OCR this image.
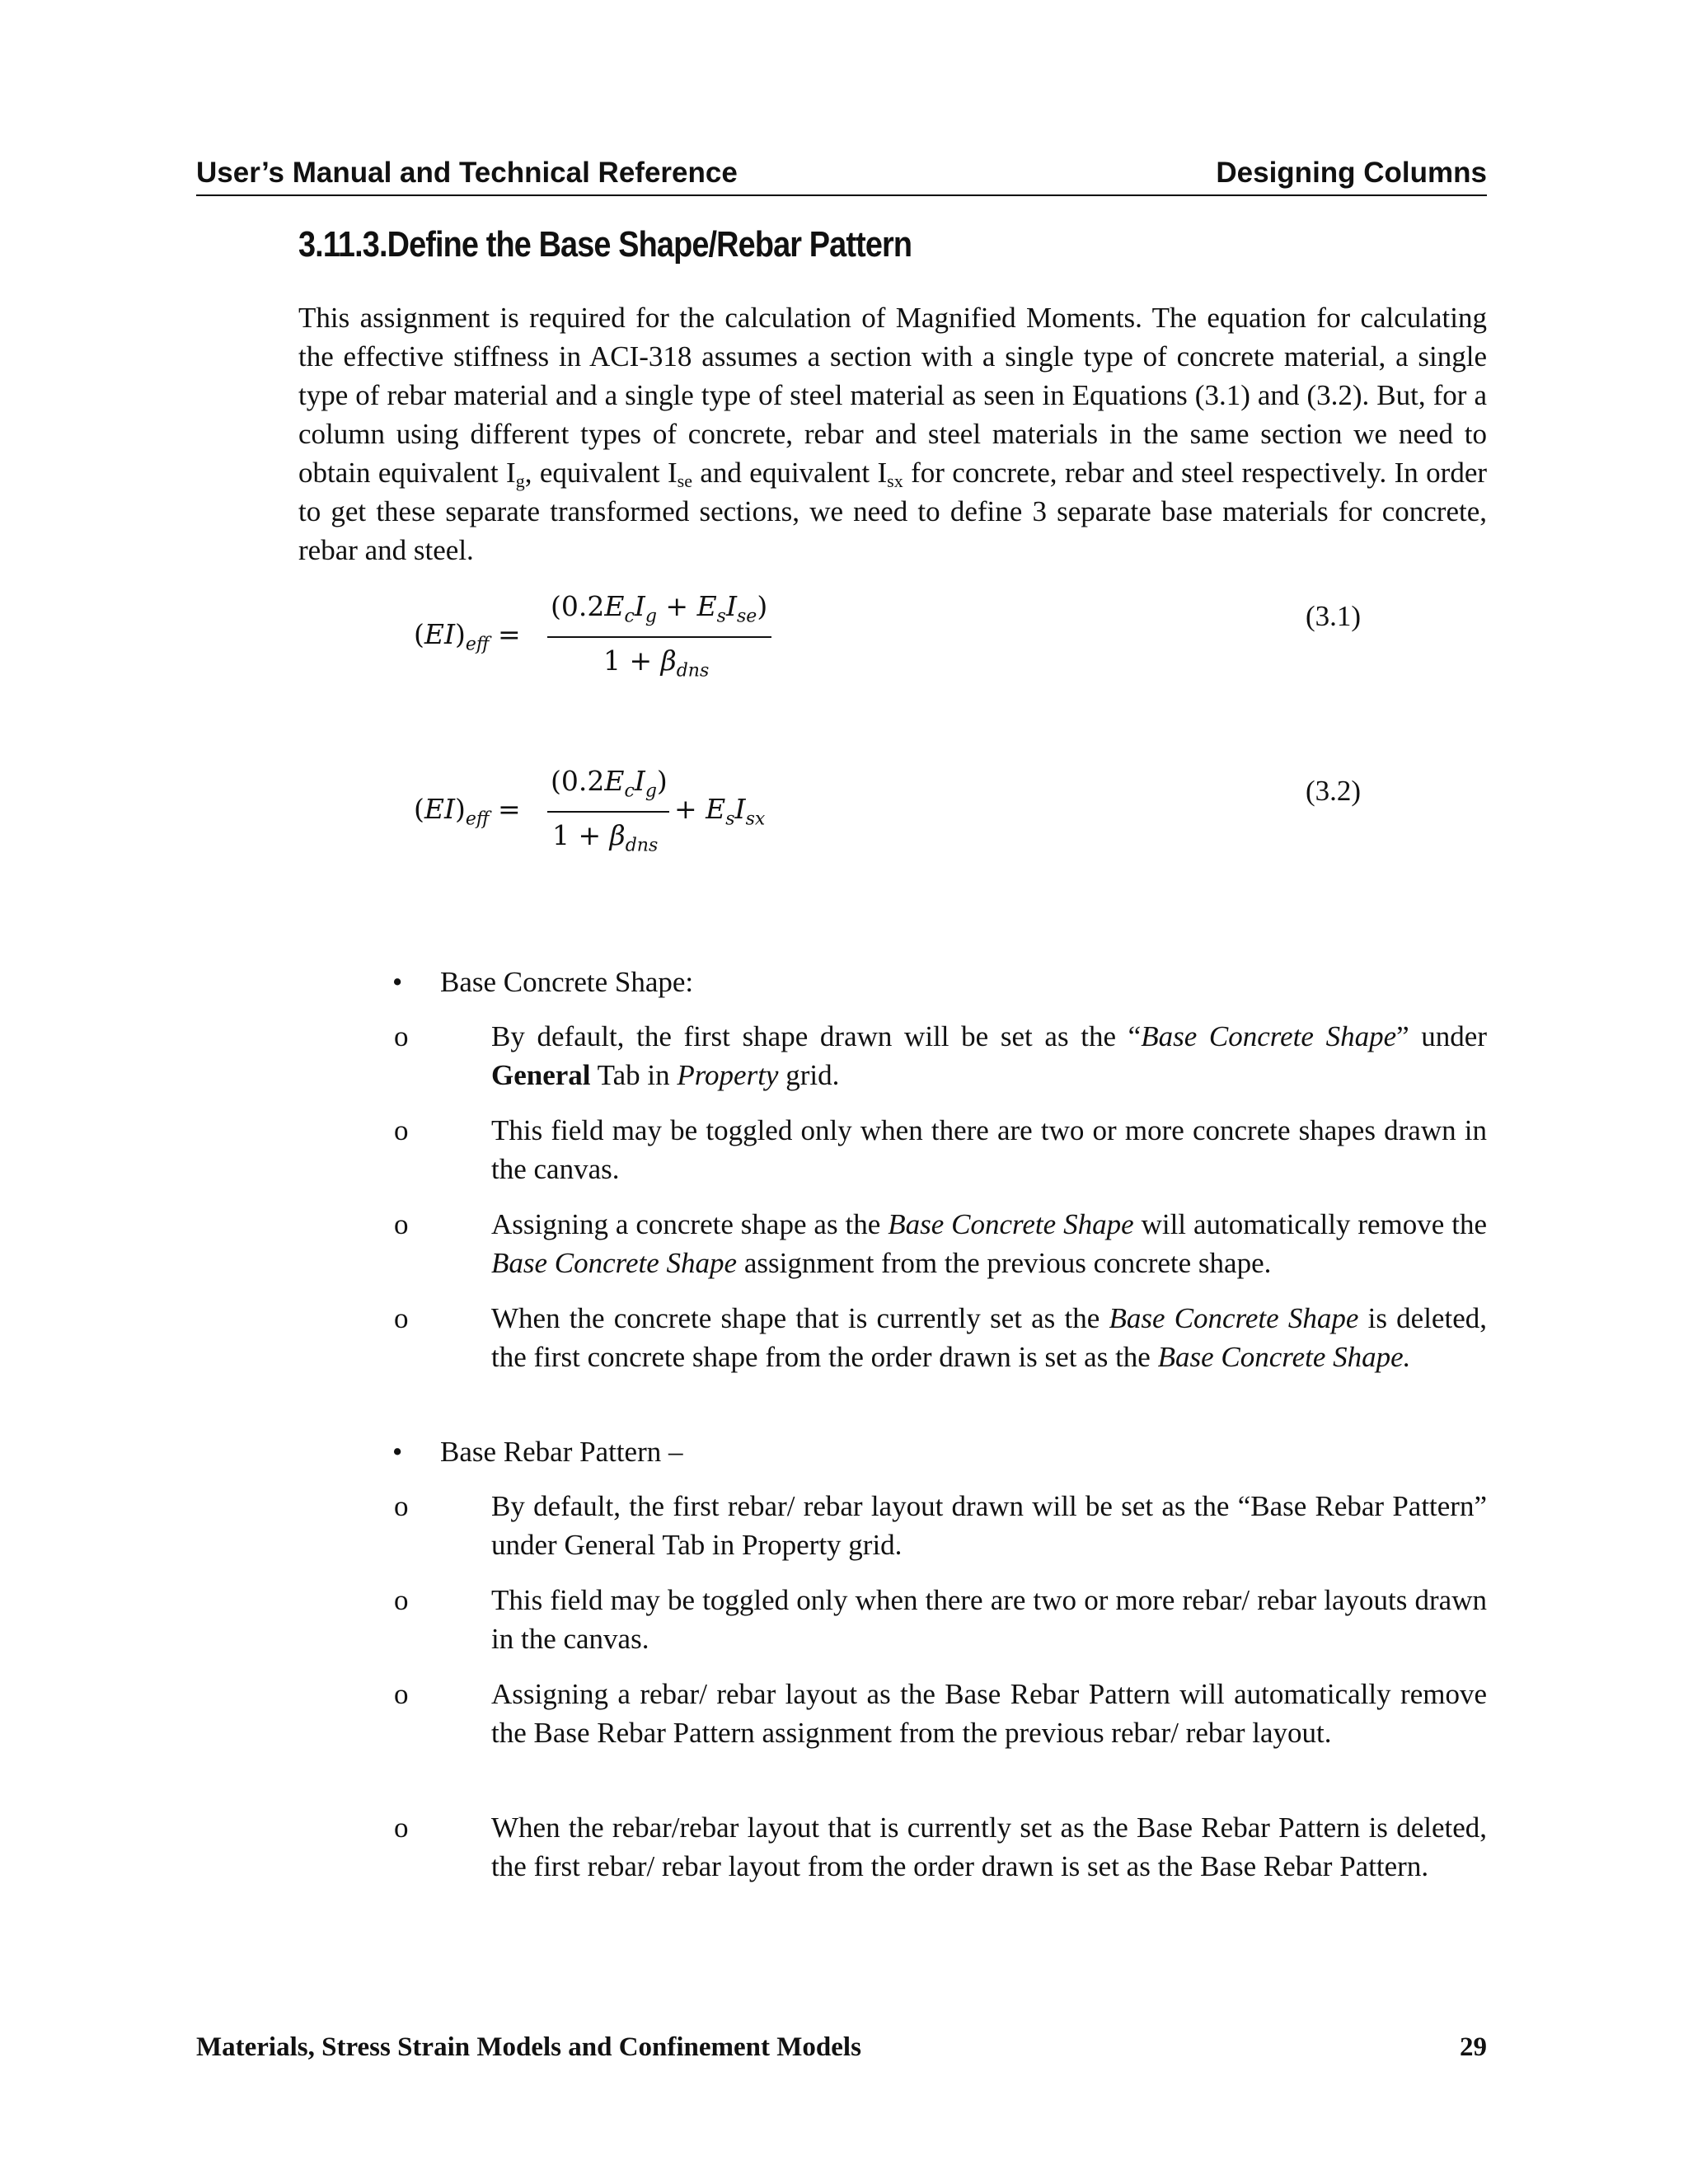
User’s Manual and Technical Reference	Designing Columns
3.11.3.Define the Base Shape/Rebar Pattern
This assignment is required for the calculation of Magnified Moments. The equation for calculating the effective stiffness in ACI-318 assumes a section with a single type of concrete material, a single type of rebar material and a single type of steel material as seen in Equations (3.1) and (3.2). But, for a column using different types of concrete, rebar and steel materials in the same section we need to obtain equivalent $I_g$, equivalent $I_{se}$ and equivalent $I_{sx}$ for concrete, rebar and steel respectively. In order to get these separate transformed sections, we need to define 3 separate base materials for concrete, rebar and steel.
$(EI)_{eff}$ =
$(0.2E_cI_g + E_sI_{se})$
$1 + \beta_{dns}$
(3.1)
$(EI)_{eff}$ =
$(0.2E_cI_g)$
$1 + \beta_{dns}$
+ $E_sI_{sx}$
(3.2)
• Base Concrete Shape:
o	By default, the first shape drawn will be set as the “Base Concrete Shape” under General Tab in Property grid.
o	This field may be toggled only when there are two or more concrete shapes drawn in the canvas.
o	Assigning a concrete shape as the Base Concrete Shape will automatically remove the Base Concrete Shape assignment from the previous concrete shape.
o	When the concrete shape that is currently set as the Base Concrete Shape is deleted, the first concrete shape from the order drawn is set as the Base Concrete Shape.
• Base Rebar Pattern –
o	By default, the first rebar/ rebar layout drawn will be set as the “Base Rebar Pattern” under General Tab in Property grid.
o	This field may be toggled only when there are two or more rebar/ rebar layouts drawn in the canvas.
o	Assigning a rebar/ rebar layout as the Base Rebar Pattern will automatically remove the Base Rebar Pattern assignment from the previous rebar/ rebar layout.
o	When the rebar/rebar layout that is currently set as the Base Rebar Pattern is deleted, the first rebar/ rebar layout from the order drawn is set as the Base Rebar Pattern.
Materials, Stress Strain Models and Confinement Models	29
